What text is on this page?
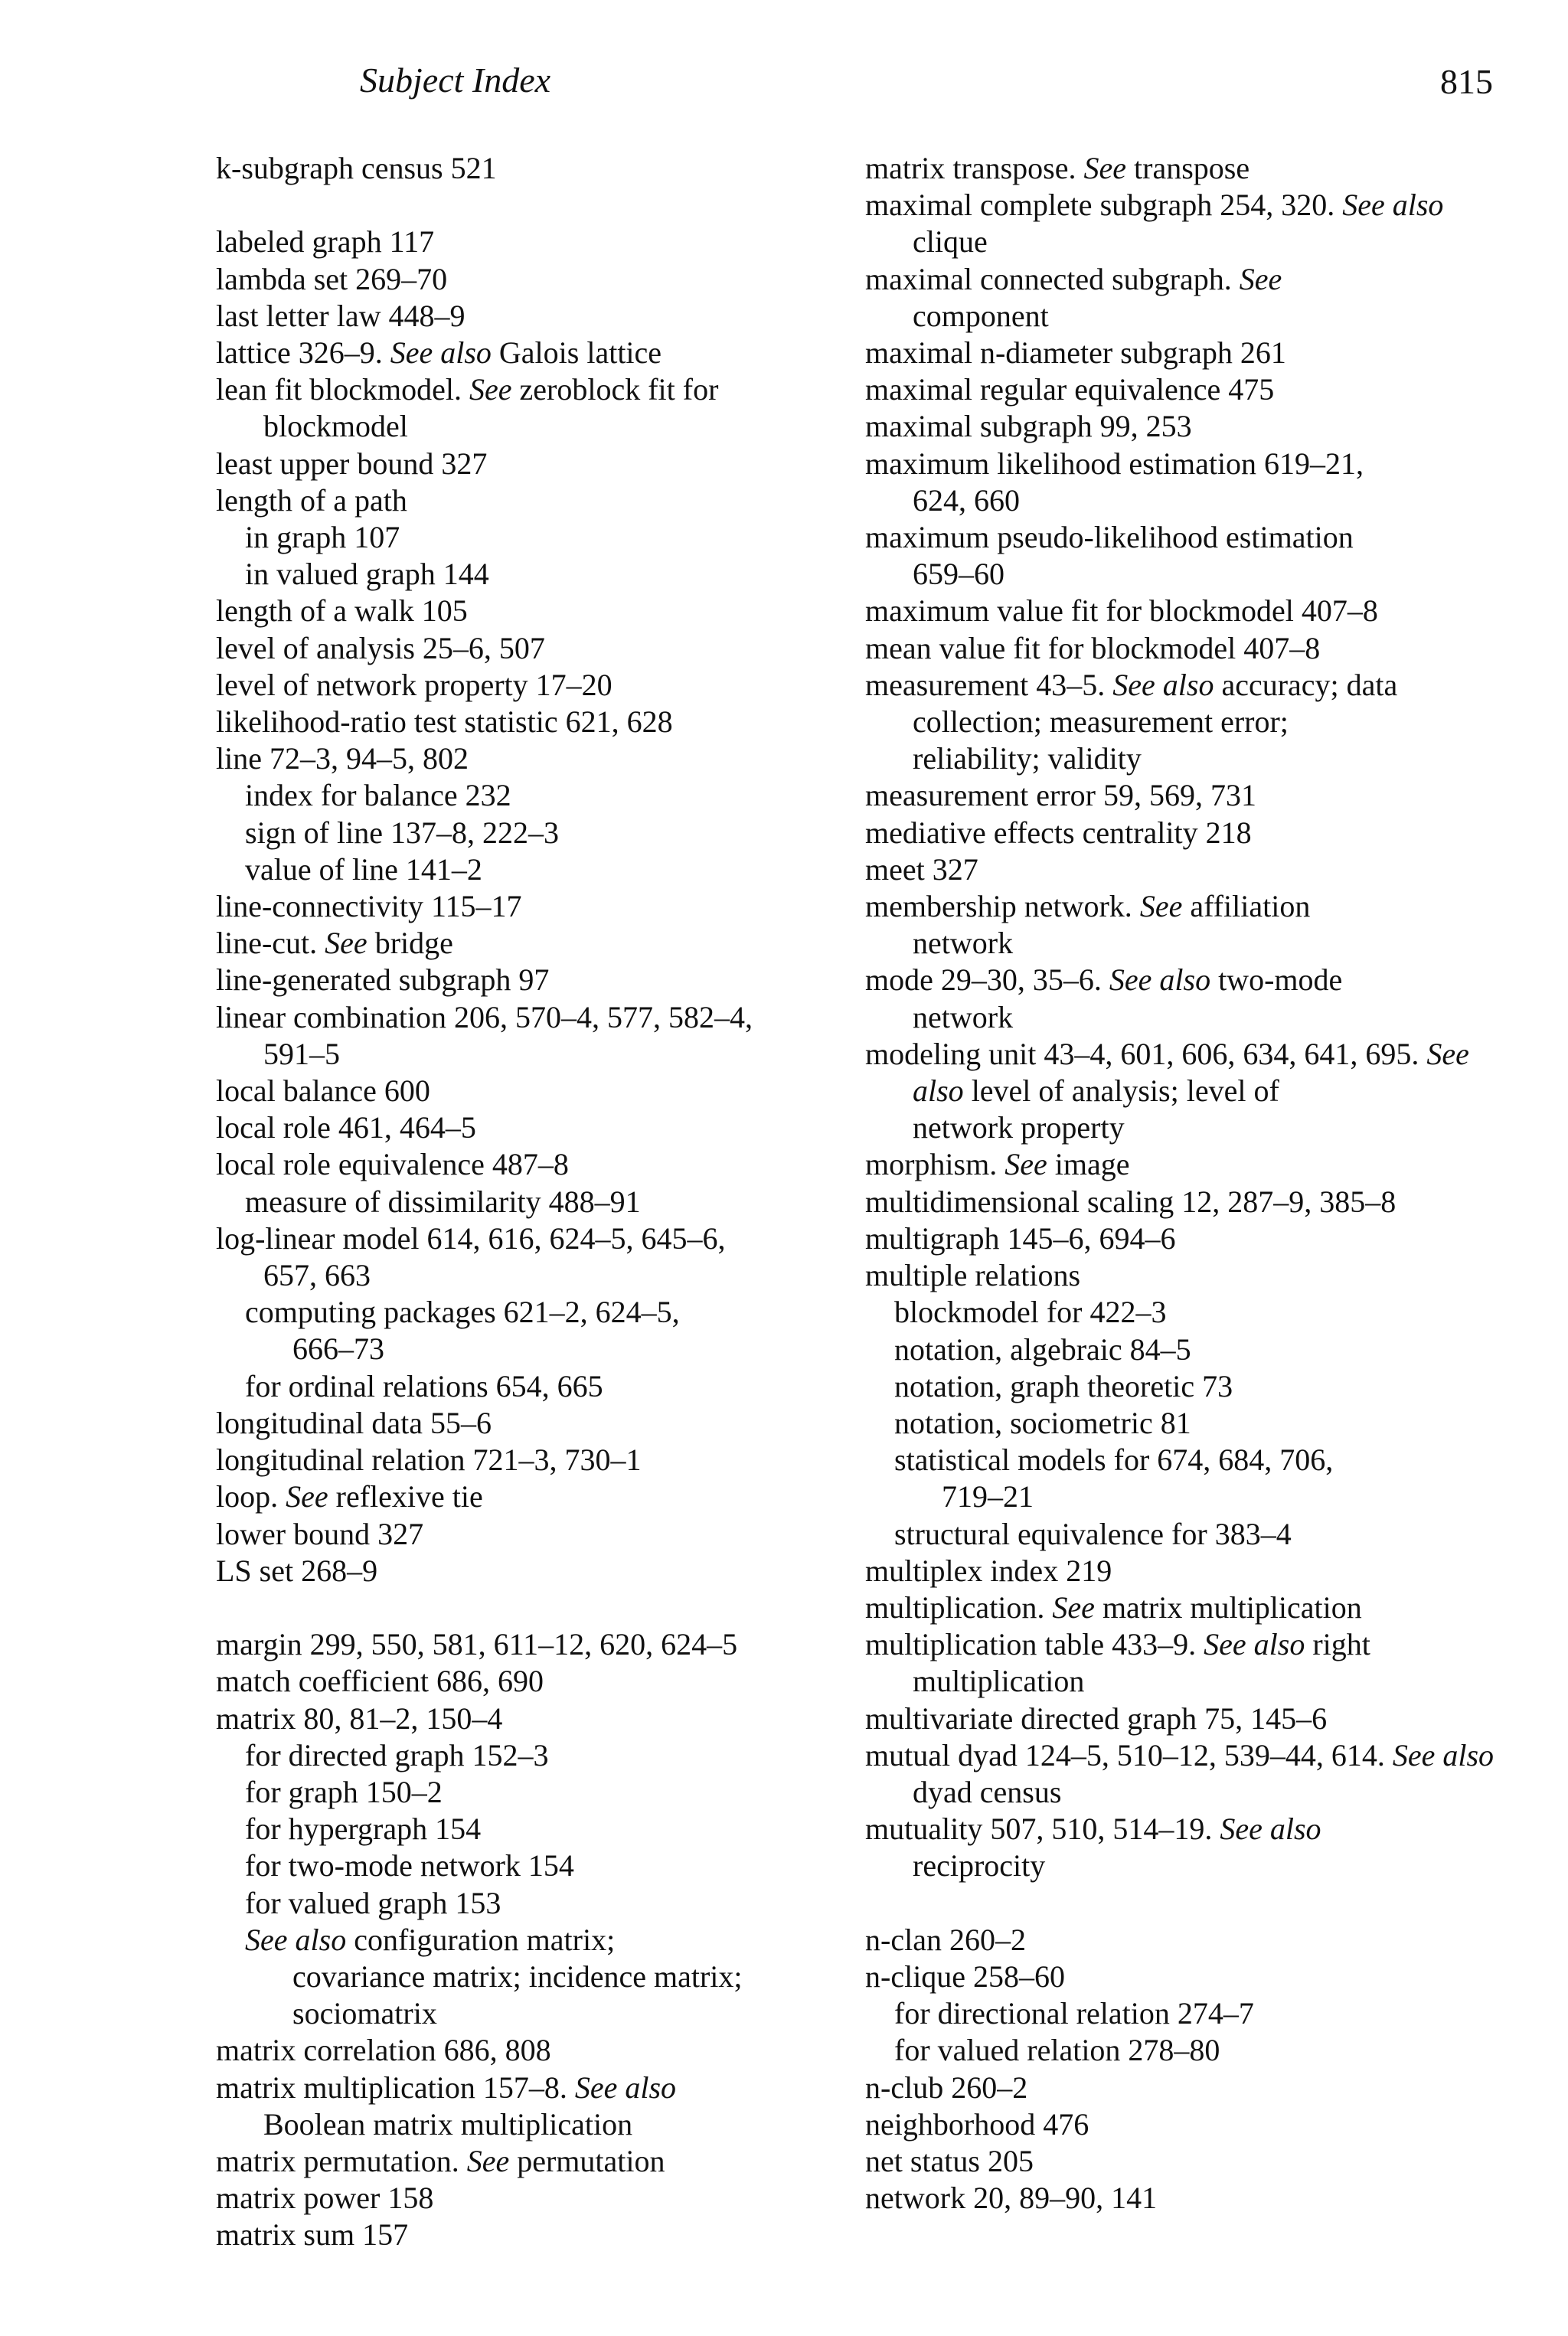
Subject Index	815
k-subgraph census 521
labeled graph 117
lambda set 269–70
last letter law 448–9
lattice 326–9. See also Galois lattice
lean fit blockmodel. See zeroblock fit for
blockmodel
least upper bound 327
length of a path
in graph 107
in valued graph 144
length of a walk 105
level of analysis 25–6, 507
level of network property 17–20
likelihood-ratio test statistic 621, 628
line 72–3, 94–5, 802
index for balance 232
sign of line 137–8, 222–3
value of line 141–2
line-connectivity 115–17
line-cut. See bridge
line-generated subgraph 97
linear combination 206, 570–4, 577, 582–4,
591–5
local balance 600
local role 461, 464–5
local role equivalence 487–8
measure of dissimilarity 488–91
log-linear model 614, 616, 624–5, 645–6,
657, 663
computing packages 621–2, 624–5,
666–73
for ordinal relations 654, 665
longitudinal data 55–6
longitudinal relation 721–3, 730–1
loop. See reflexive tie
lower bound 327
LS set 268–9
margin 299, 550, 581, 611–12, 620, 624–5
match coefficient 686, 690
matrix 80, 81–2, 150–4
for directed graph 152–3
for graph 150–2
for hypergraph 154
for two-mode network 154
for valued graph 153
See also configuration matrix;
covariance matrix; incidence matrix;
sociomatrix
matrix correlation 686, 808
matrix multiplication 157–8. See also
Boolean matrix multiplication
matrix permutation. See permutation
matrix power 158
matrix sum 157
matrix transpose. See transpose
maximal complete subgraph 254, 320. See also clique
maximal connected subgraph. See
component
maximal n-diameter subgraph 261
maximal regular equivalence 475
maximal subgraph 99, 253
maximum likelihood estimation 619–21,
624, 660
maximum pseudo-likelihood estimation
659–60
maximum value fit for blockmodel 407–8
mean value fit for blockmodel 407–8
measurement 43–5. See also accuracy; data
collection; measurement error;
reliability; validity
measurement error 59, 569, 731
mediative effects centrality 218
meet 327
membership network. See affiliation
network
mode 29–30, 35–6. See also two-mode
network
modeling unit 43–4, 601, 606, 634, 641, 695. See also level of analysis; level of
network property
morphism. See image
multidimensional scaling 12, 287–9, 385–8
multigraph 145–6, 694–6
multiple relations
blockmodel for 422–3
notation, algebraic 84–5
notation, graph theoretic 73
notation, sociometric 81
statistical models for 674, 684, 706,
719–21
structural equivalence for 383–4
multiplex index 219
multiplication. See matrix multiplication
multiplication table 433–9. See also right
multiplication
multivariate directed graph 75, 145–6
mutual dyad 124–5, 510–12, 539–44, 614. See also dyad census
mutuality 507, 510, 514–19. See also
reciprocity
n-clan 260–2
n-clique 258–60
for directional relation 274–7
for valued relation 278–80
n-club 260–2
neighborhood 476
net status 205
network 20, 89–90, 141
